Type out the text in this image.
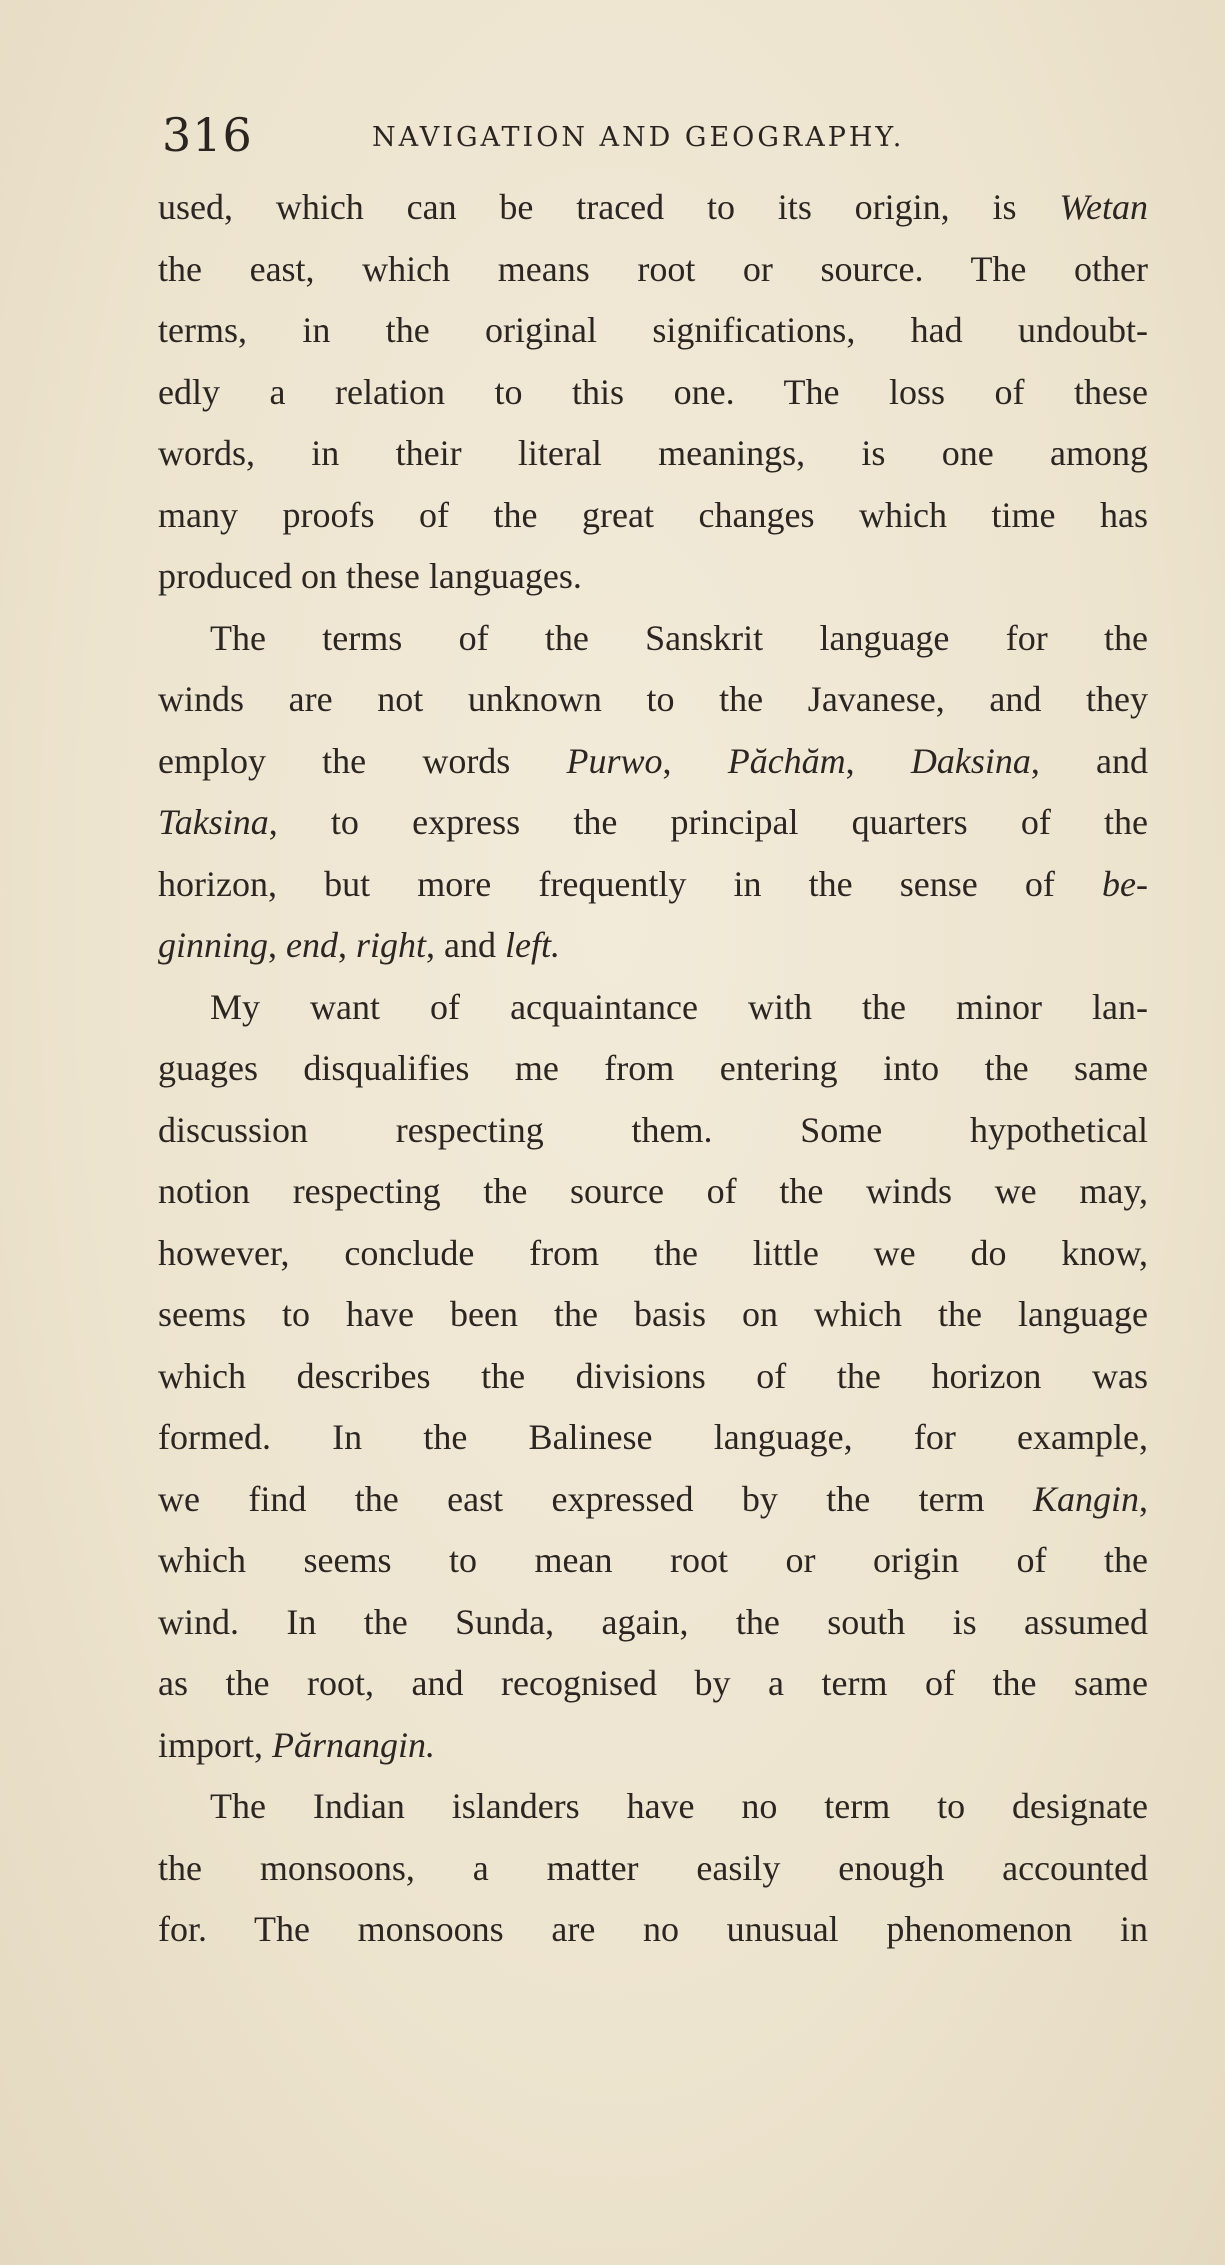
316	NAVIGATION AND GEOGRAPHY.
used, which can be traced to its origin, is Wetan
the east, which means root or source. The other
terms, in the original significations, had undoubt-
edly a relation to this one. The loss of these
words, in their literal meanings, is one among
many proofs of the great changes which time has
produced on these languages.
The terms of the Sanskrit language for the
winds are not unknown to the Javanese, and they
employ the words Purwo, Păchăm, Daksina, and
Taksina, to express the principal quarters of the
horizon, but more frequently in the sense of be-
ginning, end, right, and left.
My want of acquaintance with the minor lan-
guages disqualifies me from entering into the same
discussion respecting them. Some hypothetical
notion respecting the source of the winds we may,
however, conclude from the little we do know,
seems to have been the basis on which the language
which describes the divisions of the horizon was
formed. In the Balinese language, for example,
we find the east expressed by the term Kangin,
which seems to mean root or origin of the
wind. In the Sunda, again, the south is assumed
as the root, and recognised by a term of the same
import, Părnangin.
The Indian islanders have no term to designate
the monsoons, a matter easily enough accounted
for. The monsoons are no unusual phenomenon in
